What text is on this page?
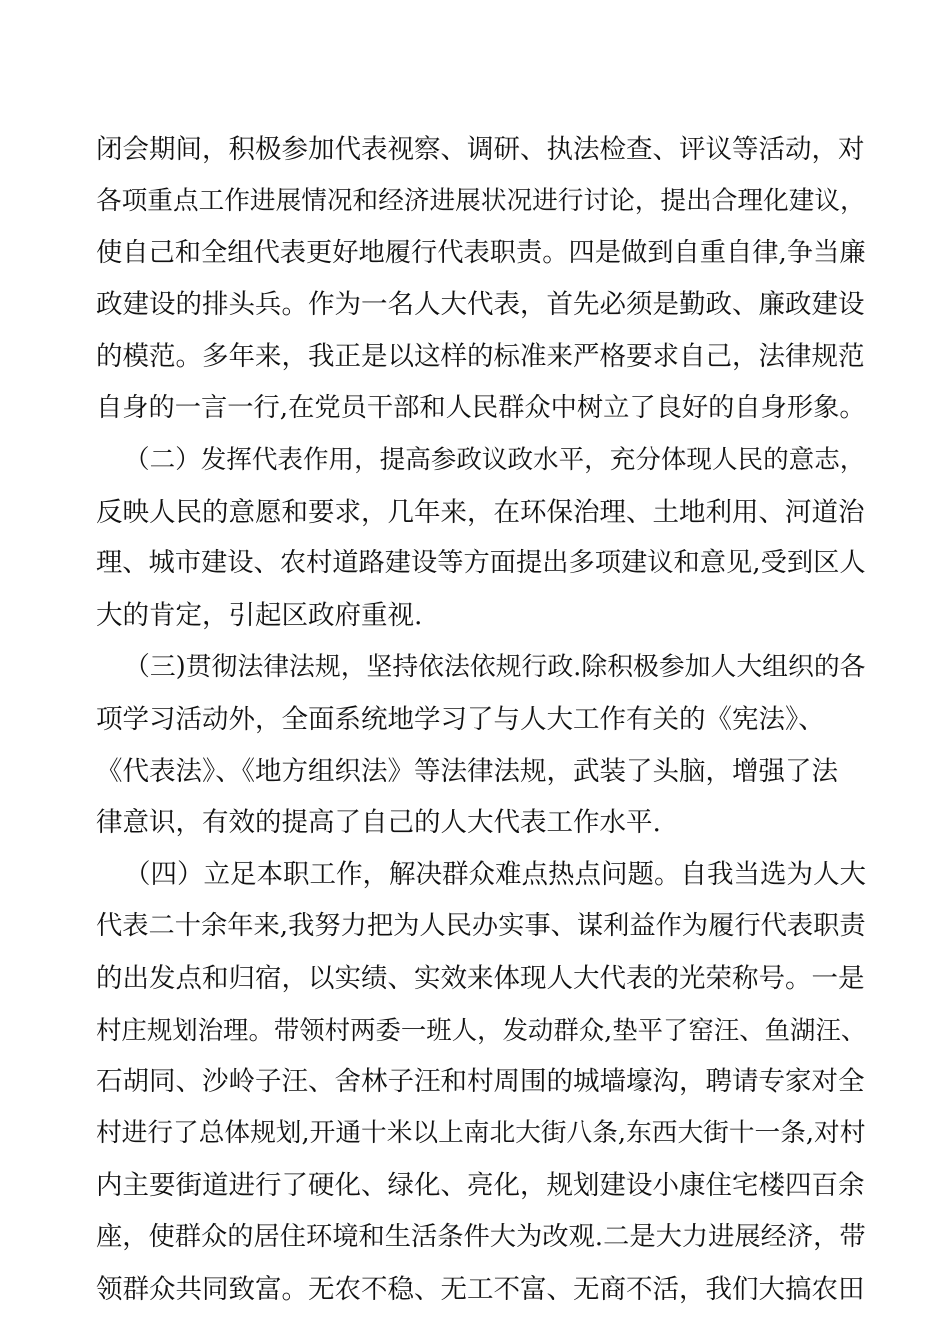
闭会期间，积极参加代表视察、调研、执法检查、评议等活动，对
各项重点工作进展情况和经济进展状况进行讨论，提出合理化建议，
使自己和全组代表更好地履行代表职责。四是做到自重自律,争当廉
政建设的排头兵。作为一名人大代表，首先必须是勤政、廉政建设
的模范。多年来，我正是以这样的标准来严格要求自己，法律规范
自身的一言一行,在党员干部和人民群众中树立了良好的自身形象。
（二）发挥代表作用，提高参政议政水平，充分体现人民的意志，
反映人民的意愿和要求，几年来，在环保治理、土地利用、河道治
理、城市建设、农村道路建设等方面提出多项建议和意见,受到区人
大的肯定，引起区政府重视.
（三)贯彻法律法规，坚持依法依规行政.除积极参加人大组织的各
项学习活动外，全面系统地学习了与人大工作有关的《宪法》、
《代表法》、《地方组织法》等法律法规，武装了头脑，增强了法
律意识，有效的提高了自己的人大代表工作水平.
（四）立足本职工作，解决群众难点热点问题。自我当选为人大
代表二十余年来,我努力把为人民办实事、谋利益作为履行代表职责
的出发点和归宿，以实绩、实效来体现人大代表的光荣称号。一是
村庄规划治理。带领村两委一班人，发动群众,垫平了窑汪、鱼湖汪、
石胡同、沙岭子汪、舍林子汪和村周围的城墙壕沟，聘请专家对全
村进行了总体规划,开通十米以上南北大街八条,东西大街十一条,对村
内主要街道进行了硬化、绿化、亮化，规划建设小康住宅楼四百余
座，使群众的居住环境和生活条件大为改观.二是大力进展经济，带
领群众共同致富。无农不稳、无工不富、无商不活，我们大搞农田
